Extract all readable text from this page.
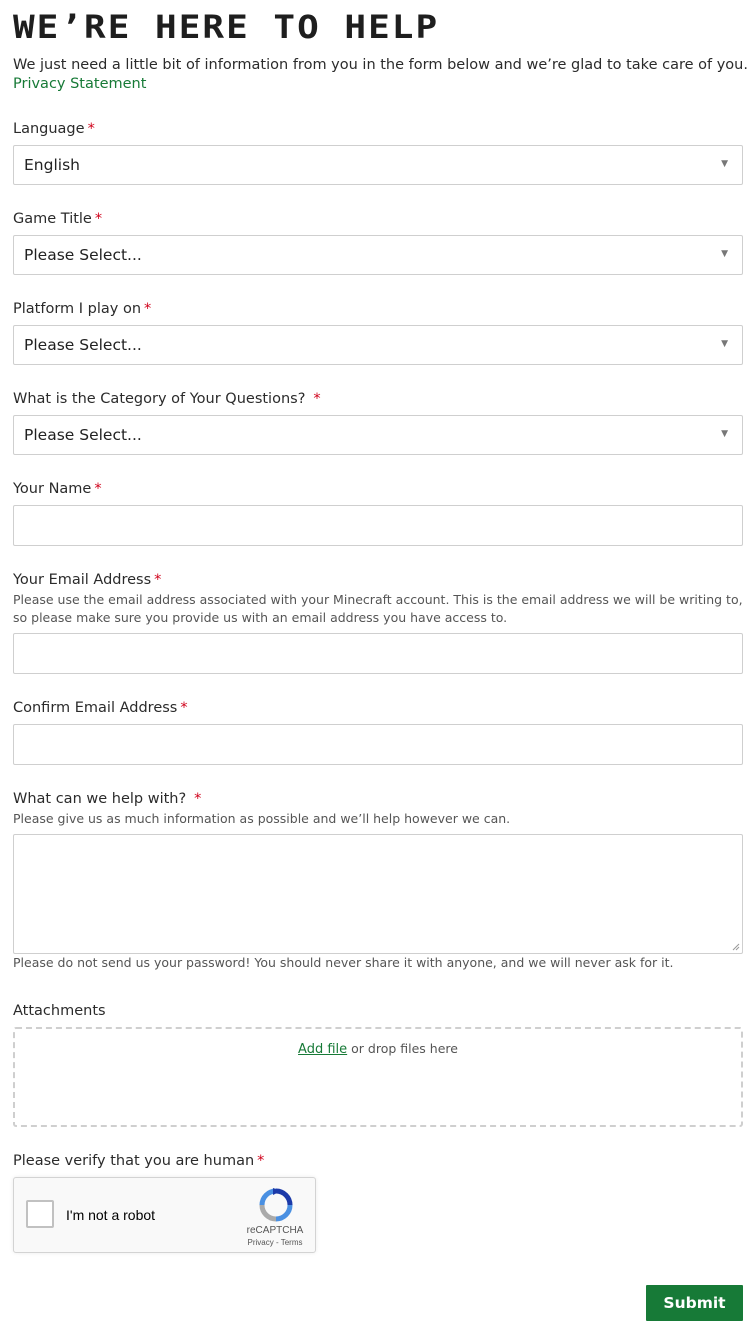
WE’RE HERE TO HELP
We just need a little bit of information from you in the form below and we’re glad to take care of you.
Privacy Statement
Language *
English	▼
Game Title *
Please Select...	▼
Platform I play on *
Please Select...	▼
What is the Category of Your Questions? *
Please Select...	▼
Your Name *
Your Email Address *
Please use the email address associated with your Minecraft account. This is the email address we will be writing to, so please make sure you provide us with an email address you have access to.
Confirm Email Address *
What can we help with? *
Please give us as much information as possible and we’ll help however we can.
Please do not send us your password! You should never share it with anyone, and we will never ask for it.
Attachments
Add file or drop files here
Please verify that you are human *
I'm not a robot
reCAPTCHA
Privacy - Terms
Submit
